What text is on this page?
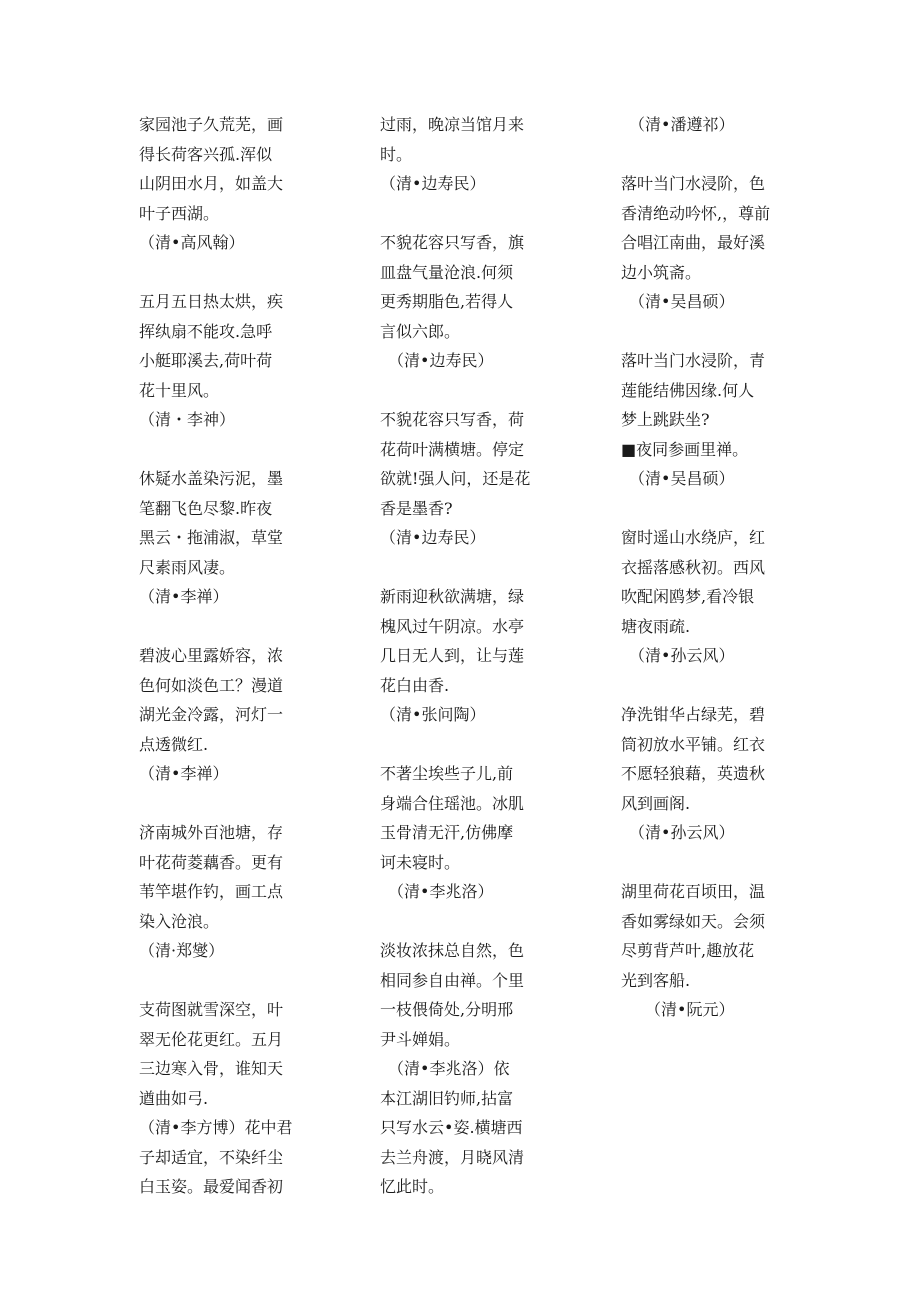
家园池子久荒芜，画
得长荷客兴孤.浑似
山阴田水月，如盖大
叶子西湖。
（清•高风翰）
五月五日热太烘，疾
挥纨扇不能攻.急呼
小艇耶溪去,荷叶荷
花十里风。
（清・李神）
休疑水盖染污泥，墨
笔翻飞色尽黎.昨夜
黑云・拖浦淑，草堂
尺素雨风凄。
（清•李禅）
碧波心里露娇容，浓
色何如淡色工？漫道
湖光金冷露，河灯一
点透微红.
（清•李禅）
济南城外百池塘，存
叶花荷菱藕香。更有
苇竿堪作钓，画工点
染入沧浪。
（清·郑燮）
支荷图就雪深空，叶
翠无伦花更红。五月
三边寒入骨，谁知天
遒曲如弓.
（清•李方博）花中君
子却适宜，不染纤尘
白玉姿。最爱闻香初
过雨，晚凉当馆月来
时。
（清•边寿民）
不貌花容只写香，旗
皿盘气量沧浪.何须
更秀期脂色,若得人
言似六郎。
　（清•边寿民）
不貌花容只写香，荷
花荷叶满横塘。停定
欲就!强人问，还是花
香是墨香?
（清•边寿民）
新雨迎秋欲满塘，绿
槐风过午阴凉。水亭
几日无人到，让与莲
花白由香.
（清•张问陶）
不著尘埃些子儿,前
身端合住瑶池。冰肌
玉骨清无汗,仿佛摩
诃未寝时。
　（清•李兆洛）
淡妆浓抹总自然，色
相同参自由禅。个里
一枝偎倚处,分明邢
尹斗婵娟。
　（清•李兆洛）依
本江湖旧钓师,拈富
只写水云•姿.横塘西
去兰舟渡，月晓风清
忆此时。
　（清•潘遵祁）
落叶当门水浸阶，色
香清绝动吟怀,，尊前
合唱江南曲，最好溪
边小筑斋。
　（清•吴昌硕）
落叶当门水浸阶，青
莲能结佛因缘.何人
梦上跳趺坐?
■夜同参画里禅。
　（清•吴昌硕）
窗时遥山水绕庐，红
衣摇落感秋初。西风
吹配闲鸥梦,看冷银
塘夜雨疏.
　（清•孙云风）
净洗钳华占绿芜，碧
筒初放水平铺。红衣
不愿轻狼藉，英遗秋
风到画阁.
　（清•孙云风）
湖里荷花百顷田，温
香如雾绿如天。会须
尽剪背芦叶,趣放花
光到客船.
　　（清•阮元）
